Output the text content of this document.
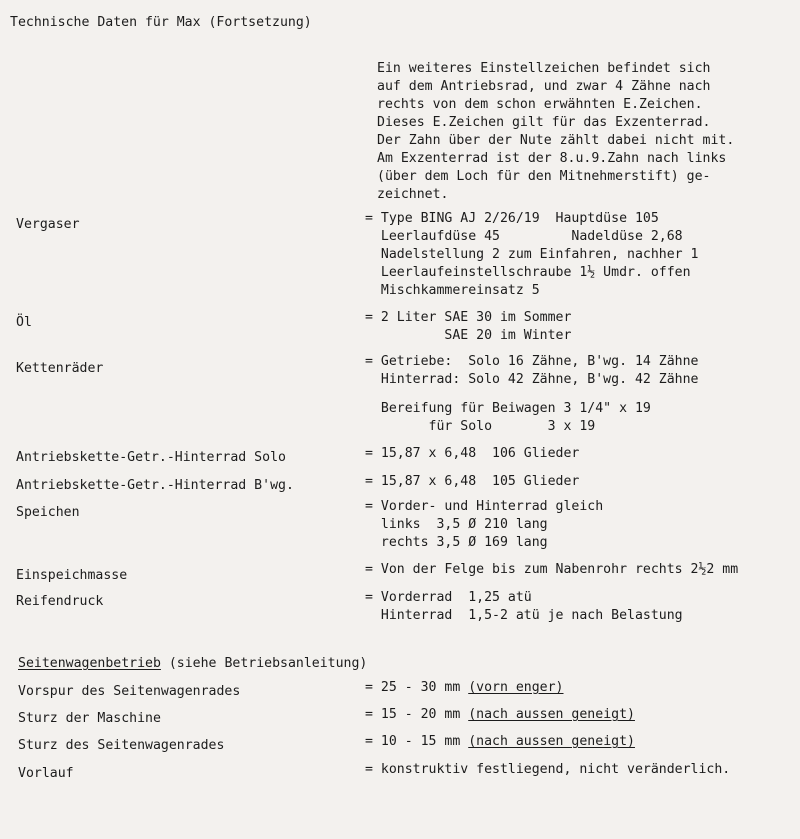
Technische Daten für Max (Fortsetzung)
Ein weiteres Einstellzeichen befindet sich
auf dem Antriebsrad, und zwar 4 Zähne nach
rechts von dem schon erwähnten E.Zeichen.
Dieses E.Zeichen gilt für das Exzenterrad.
Der Zahn über der Nute zählt dabei nicht mit.
Am Exzenterrad ist der 8.u.9.Zahn nach links
(über dem Loch für den Mitnehmerstift) ge-
zeichnet.
Vergaser	= Type BING AJ 2/26/19  Hauptdüse 105
Leerlaufdüse 45         Nadeldüse 2,68
Nadelstellung 2 zum Einfahren, nachher 1
Leerlaufeinstellschraube 1½ Umdr. offen
Mischkammereinsatz 5
Öl	= 2 Liter SAE 30 im Sommer
SAE 20 im Winter
Kettenräder	= Getriebe:  Solo 16 Zähne, B'wg. 14 Zähne
Hinterrad: Solo 42 Zähne, B'wg. 42 Zähne
Bereifung für Beiwagen 3 1/4" x 19
für Solo       3 x 19
Antriebskette-Getr.-Hinterrad Solo	= 15,87 x 6,48  106 Glieder
Antriebskette-Getr.-Hinterrad B'wg.	= 15,87 x 6,48  105 Glieder
Speichen	= Vorder- und Hinterrad gleich
links  3,5 Ø 210 lang
rechts 3,5 Ø 169 lang
Einspeichmasse	= Von der Felge bis zum Nabenrohr rechts 2½2 mm
Reifendruck	= Vorderrad  1,25 atü
Hinterrad  1,5-2 atü je nach Belastung
Seitenwagenbetrieb (siehe Betriebsanleitung)
Vorspur des Seitenwagenrades	= 25 - 30 mm (vorn enger)
Sturz der Maschine	= 15 - 20 mm (nach aussen geneigt)
Sturz des Seitenwagenrades	= 10 - 15 mm (nach aussen geneigt)
Vorlauf	= konstruktiv festliegend, nicht veränderlich.
